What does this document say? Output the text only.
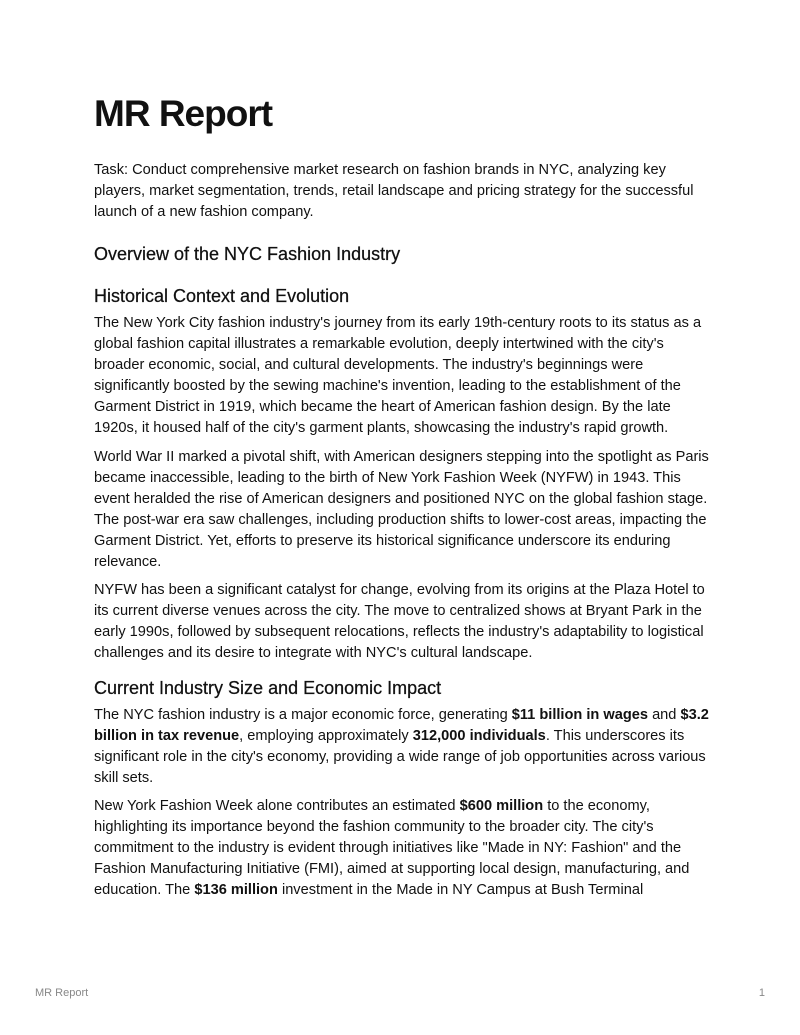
MR Report

Task: Conduct comprehensive market research on fashion brands in NYC, analyzing key players, market segmentation, trends, retail landscape and pricing strategy for the successful launch of a new fashion company.

Overview of the NYC Fashion Industry
Historical Context and Evolution

The New York City fashion industry's journey from its early 19th-century roots to its status as a global fashion capital illustrates a remarkable evolution, deeply intertwined with the city's broader economic, social, and cultural developments. The industry's beginnings were significantly boosted by the sewing machine's invention, leading to the establishment of the Garment District in 1919, which became the heart of American fashion design. By the late 1920s, it housed half of the city's garment plants, showcasing the industry's rapid growth.

World War II marked a pivotal shift, with American designers stepping into the spotlight as Paris became inaccessible, leading to the birth of New York Fashion Week (NYFW) in 1943. This event heralded the rise of American designers and positioned NYC on the global fashion stage. The post-war era saw challenges, including production shifts to lower-cost areas, impacting the Garment District. Yet, efforts to preserve its historical significance underscore its enduring relevance.

NYFW has been a significant catalyst for change, evolving from its origins at the Plaza Hotel to its current diverse venues across the city. The move to centralized shows at Bryant Park in the early 1990s, followed by subsequent relocations, reflects the industry's adaptability to logistical challenges and its desire to integrate with NYC's cultural landscape.

Current Industry Size and Economic Impact

The NYC fashion industry is a major economic force, generating $11 billion in wages and $3.2 billion in tax revenue, employing approximately 312,000 individuals. This underscores its significant role in the city's economy, providing a wide range of job opportunities across various skill sets.

New York Fashion Week alone contributes an estimated $600 million to the economy, highlighting its importance beyond the fashion community to the broader city. The city's commitment to the industry is evident through initiatives like "Made in NY: Fashion" and the Fashion Manufacturing Initiative (FMI), aimed at supporting local design, manufacturing, and education. The $136 million investment in the Made in NY Campus at Bush Terminal

MR Report	1
